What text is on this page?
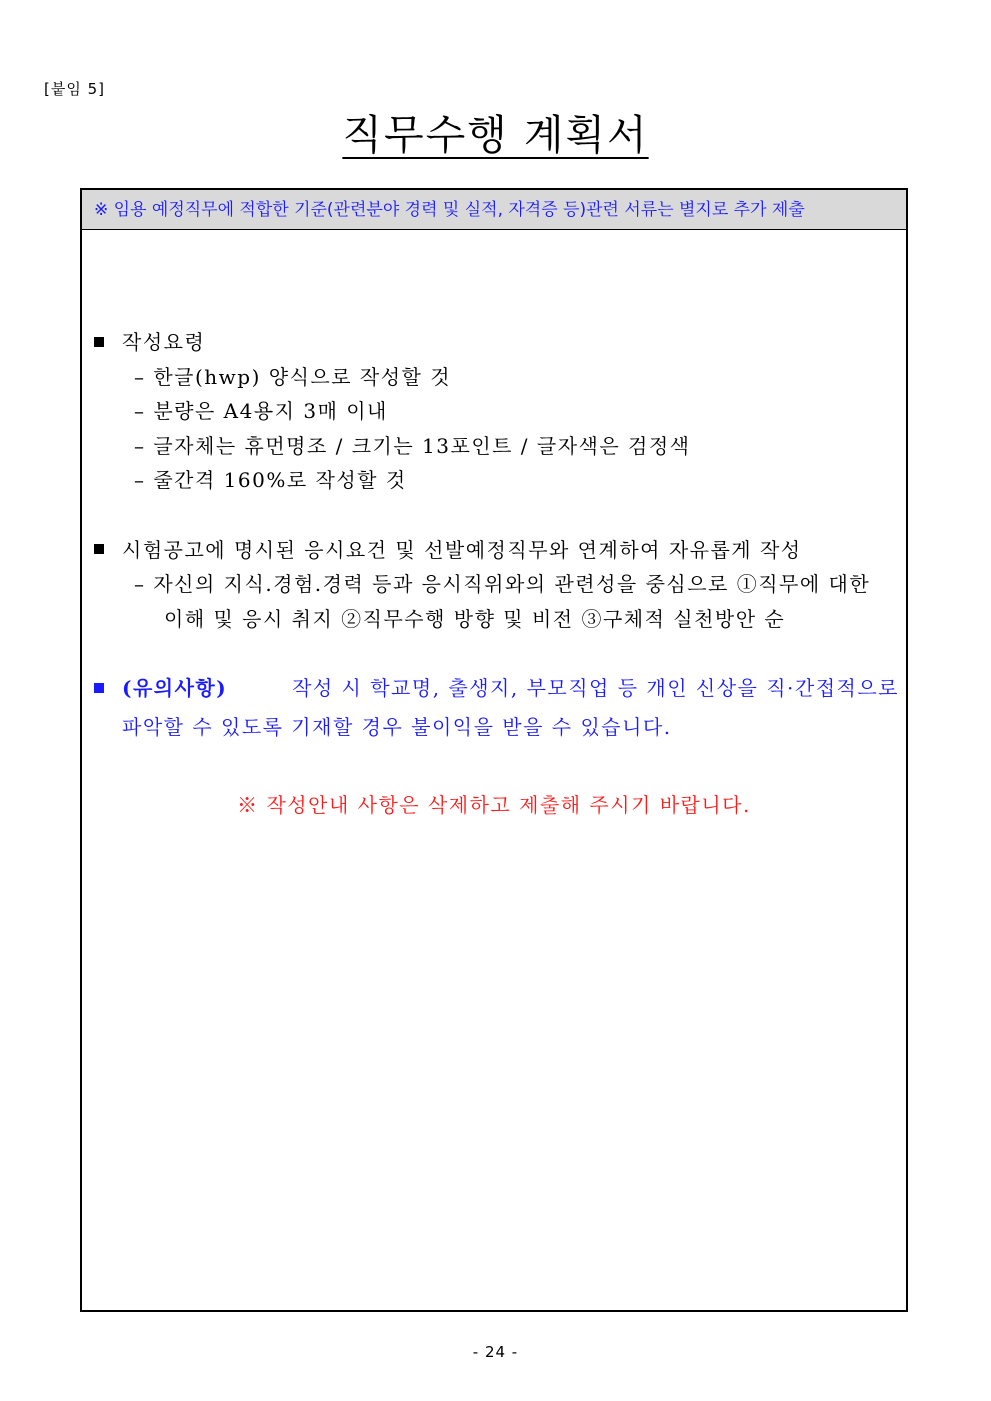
[붙임 5]
직무수행 계획서
※ 임용 예정직무에 적합한 기준(관련분야 경력 및 실적, 자격증 등)관련 서류는 별지로 추가 제출
작성요령
– 한글(hwp) 양식으로 작성할 것
– 분량은 A4용지 3매 이내
– 글자체는 휴먼명조 / 크기는 13포인트 / 글자색은 검정색
– 줄간격 160%로 작성할 것
시험공고에 명시된 응시요건 및 선발예정직무와 연계하여 자유롭게 작성
– 자신의 지식.경험.경력 등과 응시직위와의 관련성을 중심으로 ①직무에 대한
이해 및 응시 취지 ②직무수행 방향 및 비전 ③구체적 실천방안 순
(유의사항)	작성 시 학교명, 출생지, 부모직업 등 개인 신상을 직·간접적으로
파악할 수 있도록 기재할 경우 불이익을 받을 수 있습니다.
※ 작성안내 사항은 삭제하고 제출해 주시기 바랍니다.
- 24 -
